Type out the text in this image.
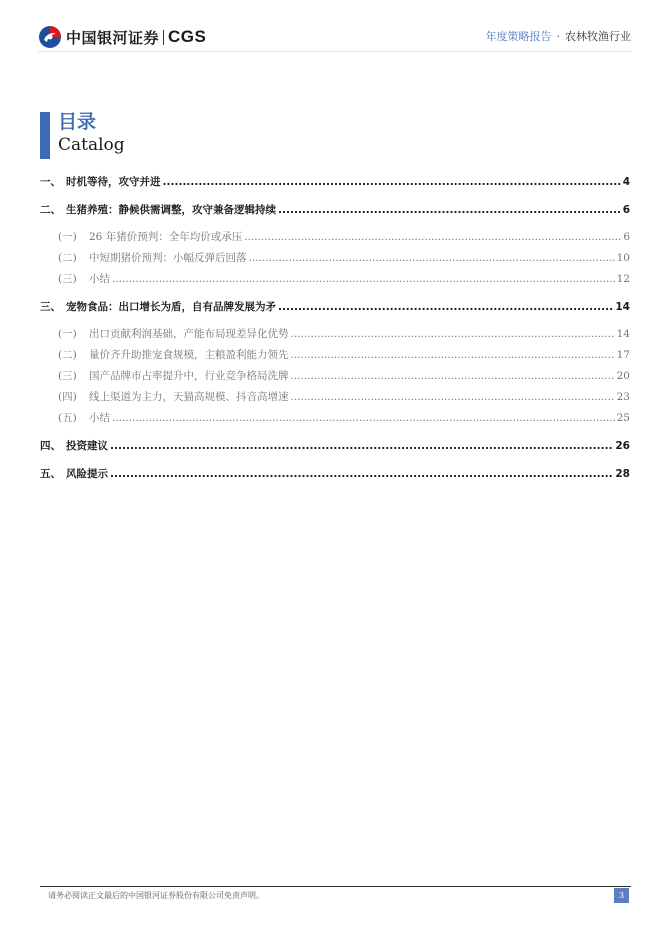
中国银河证券 CGS	年度策略报告 · 农林牧渔行业
目录
Catalog
一、 时机等待，攻守并进 .....	4
二、 生猪养殖：静候供需调整，攻守兼备逻辑持续 .....	6
(一)	26 年猪价预判：全年均价或承压 .....	6
(二)	中短期猪价预判：小幅反弹后回落 .....	10
(三)	小结 .....	12
三、 宠物食品：出口增长为盾，自有品牌发展为矛 .....	14
(一)	出口贡献利润基础，产能布局现差异化优势 .....	14
(二)	量价齐升助推宠食规模，主粮盈利能力领先 .....	17
(三)	国产品牌市占率提升中，行业竞争格局洗牌 .....	20
(四)	线上渠道为主力，天猫高规模、抖音高增速 .....	23
(五)	小结 .....	25
四、 投资建议 .....	26
五、 风险提示 .....	28
请务必阅读正文最后的中国银河证券股份有限公司免责声明。	3
